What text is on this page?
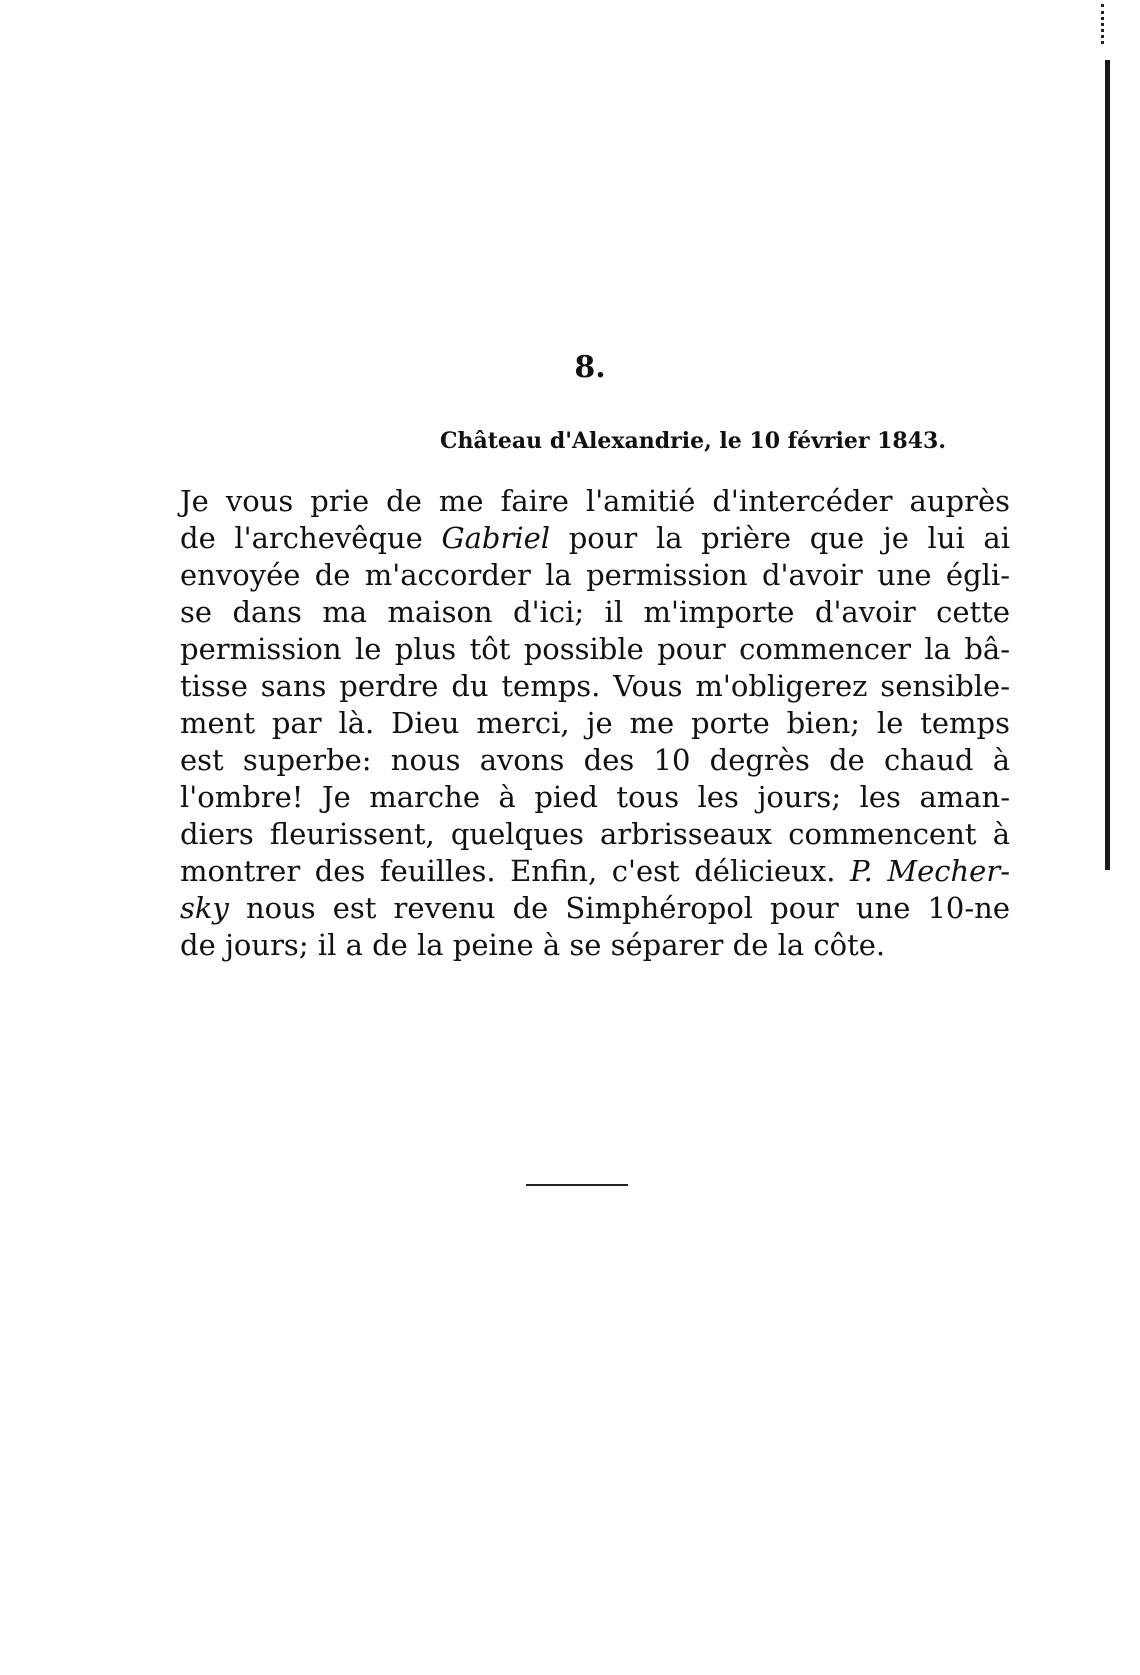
8.
Château d'Alexandrie, le 10 février 1843.
Je vous prie de me faire l'amitié d'intercéder auprès
de l'archevêque Gabriel pour la prière que je lui ai
envoyée de m'accorder la permission d'avoir une égli-
se dans ma maison d'ici; il m'importe d'avoir cette
permission le plus tôt possible pour commencer la bâ-
tisse sans perdre du temps. Vous m'obligerez sensible-
ment par là. Dieu merci, je me porte bien; le temps
est superbe: nous avons des 10 degrès de chaud à
l'ombre! Je marche à pied tous les jours; les aman-
diers fleurissent, quelques arbrisseaux commencent à
montrer des feuilles. Enfin, c'est délicieux. P. Mecher-
sky nous est revenu de Simphéropol pour une 10-ne
de jours; il a de la peine à se séparer de la côte.
